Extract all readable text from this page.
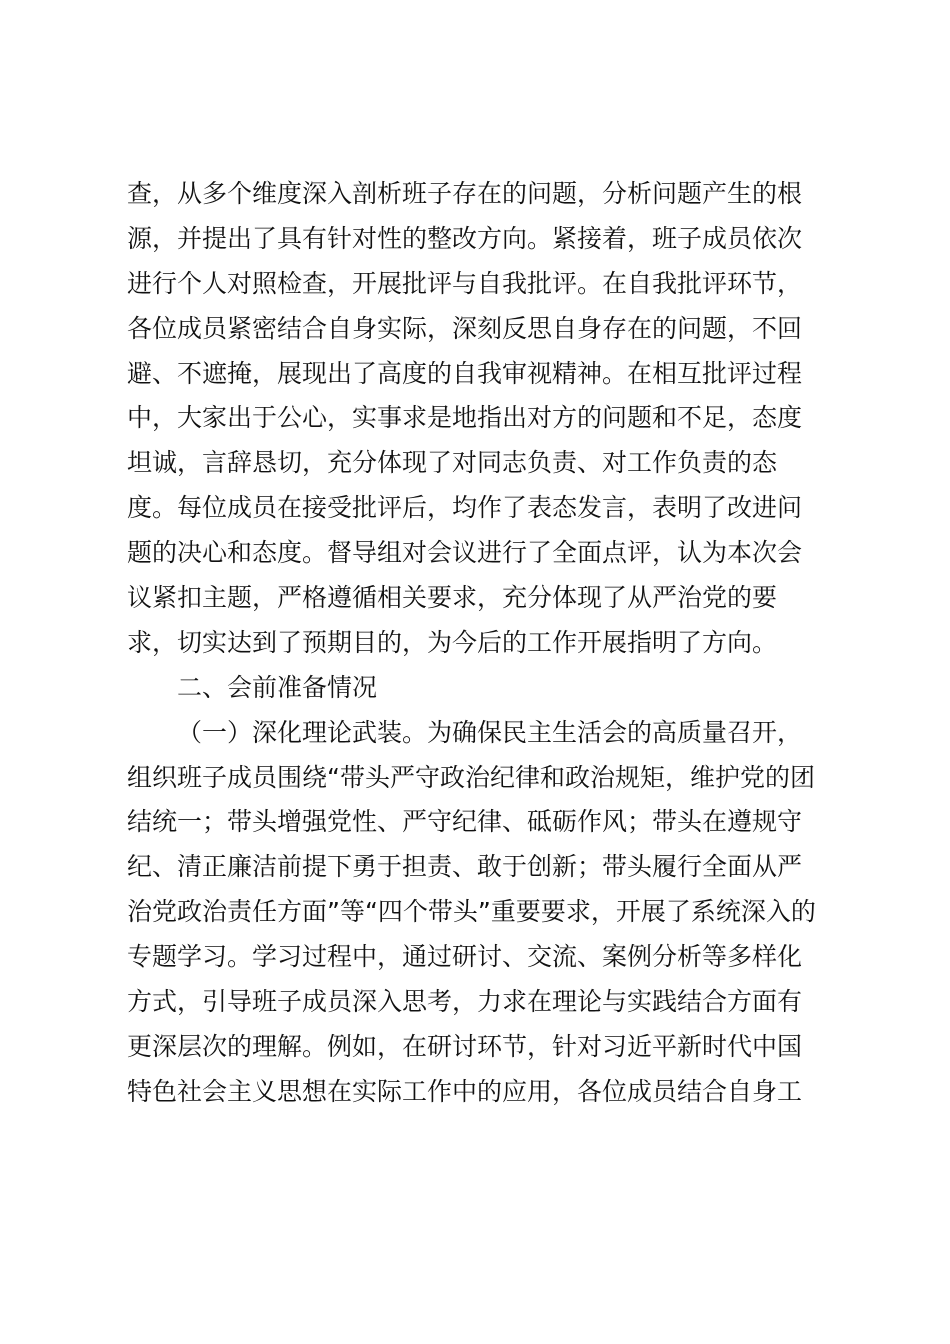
查，从多个维度深入剖析班子存在的问题，分析问题产生的根
源，并提出了具有针对性的整改方向。紧接着，班子成员依次
进行个人对照检查，开展批评与自我批评。在自我批评环节，
各位成员紧密结合自身实际，深刻反思自身存在的问题，不回
避、不遮掩，展现出了高度的自我审视精神。在相互批评过程
中，大家出于公心，实事求是地指出对方的问题和不足，态度
坦诚，言辞恳切，充分体现了对同志负责、对工作负责的态
度。每位成员在接受批评后，均作了表态发言，表明了改进问
题的决心和态度。督导组对会议进行了全面点评，认为本次会
议紧扣主题，严格遵循相关要求，充分体现了从严治党的要
求，切实达到了预期目的，为今后的工作开展指明了方向。
二、会前准备情况
（一）深化理论武装。为确保民主生活会的高质量召开，
组织班子成员围绕“带头严守政治纪律和政治规矩，维护党的团
结统一；带头增强党性、严守纪律、砥砺作风；带头在遵规守
纪、清正廉洁前提下勇于担责、敢于创新；带头履行全面从严
治党政治责任方面”等“四个带头”重要要求，开展了系统深入的
专题学习。学习过程中，通过研讨、交流、案例分析等多样化
方式，引导班子成员深入思考，力求在理论与实践结合方面有
更深层次的理解。例如，在研讨环节，针对习近平新时代中国
特色社会主义思想在实际工作中的应用，各位成员结合自身工
